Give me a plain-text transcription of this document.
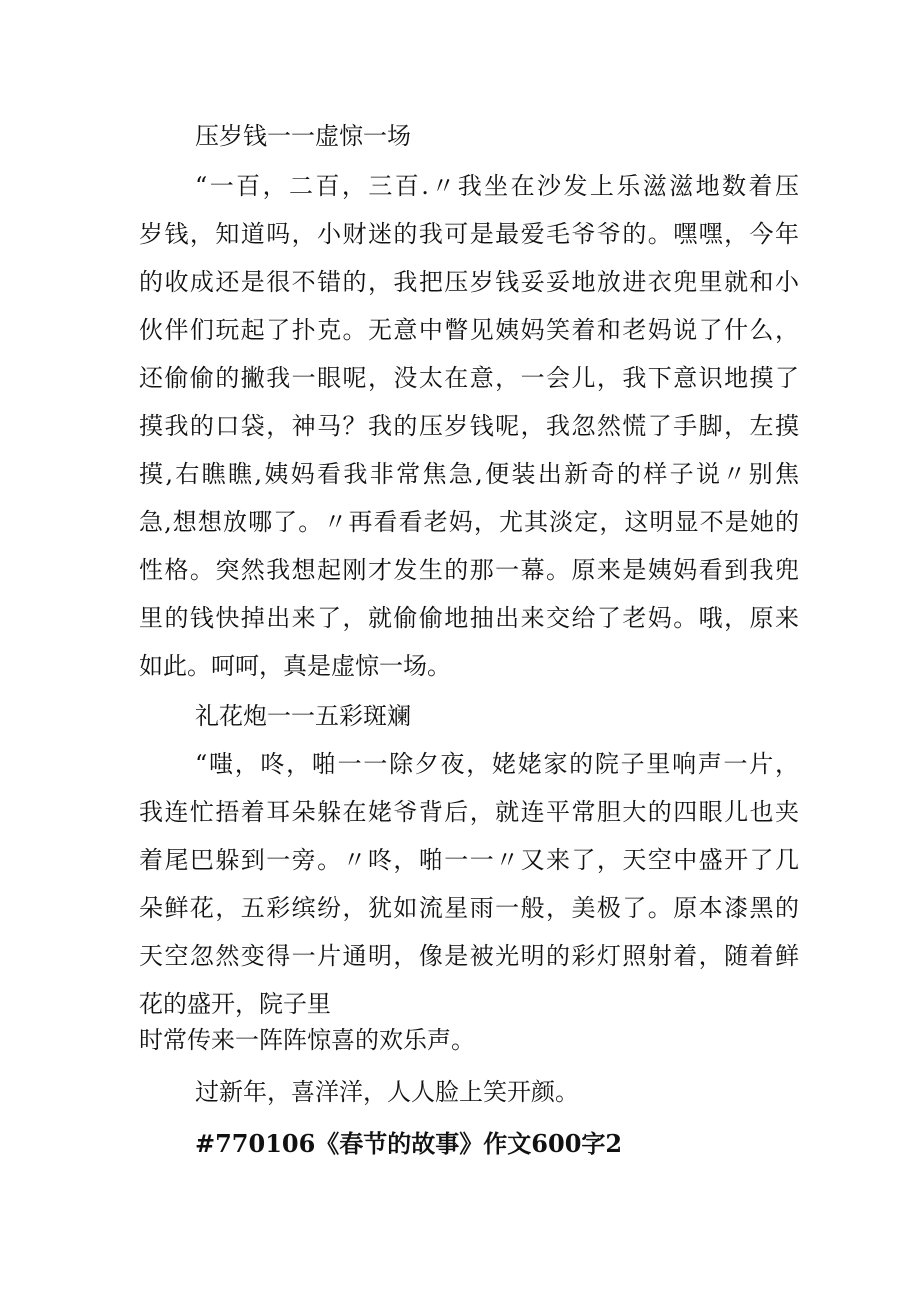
压岁钱一一虚惊一场
“一百，二百，三百.〃我坐在沙发上乐滋滋地数着压
岁钱，知道吗，小财迷的我可是最爱毛爷爷的。嘿嘿，今年
的收成还是很不错的，我把压岁钱妥妥地放进衣兜里就和小
伙伴们玩起了扑克。无意中瞥见姨妈笑着和老妈说了什么，
还偷偷的撇我一眼呢，没太在意，一会儿，我下意识地摸了
摸我的口袋，神马？我的压岁钱呢，我忽然慌了手脚，左摸
摸,右瞧瞧,姨妈看我非常焦急,便装出新奇的样子说〃别焦
急,想想放哪了。〃再看看老妈，尤其淡定，这明显不是她的
性格。突然我想起刚才发生的那一幕。原来是姨妈看到我兜
里的钱快掉出来了，就偷偷地抽出来交给了老妈。哦，原来
如此。呵呵，真是虚惊一场。
礼花炮一一五彩斑斓
“嗤，咚，啪一一除夕夜，姥姥家的院子里响声一片，
我连忙捂着耳朵躲在姥爷背后，就连平常胆大的四眼儿也夹
着尾巴躲到一旁。〃咚，啪一一〃又来了，天空中盛开了几
朵鲜花，五彩缤纷，犹如流星雨一般，美极了。原本漆黑的
天空忽然变得一片通明，像是被光明的彩灯照射着，随着鲜
花的盛开，院子里
时常传来一阵阵惊喜的欢乐声。
过新年，喜洋洋，人人脸上笑开颜。
#770106《春节的故事》作文600字2
